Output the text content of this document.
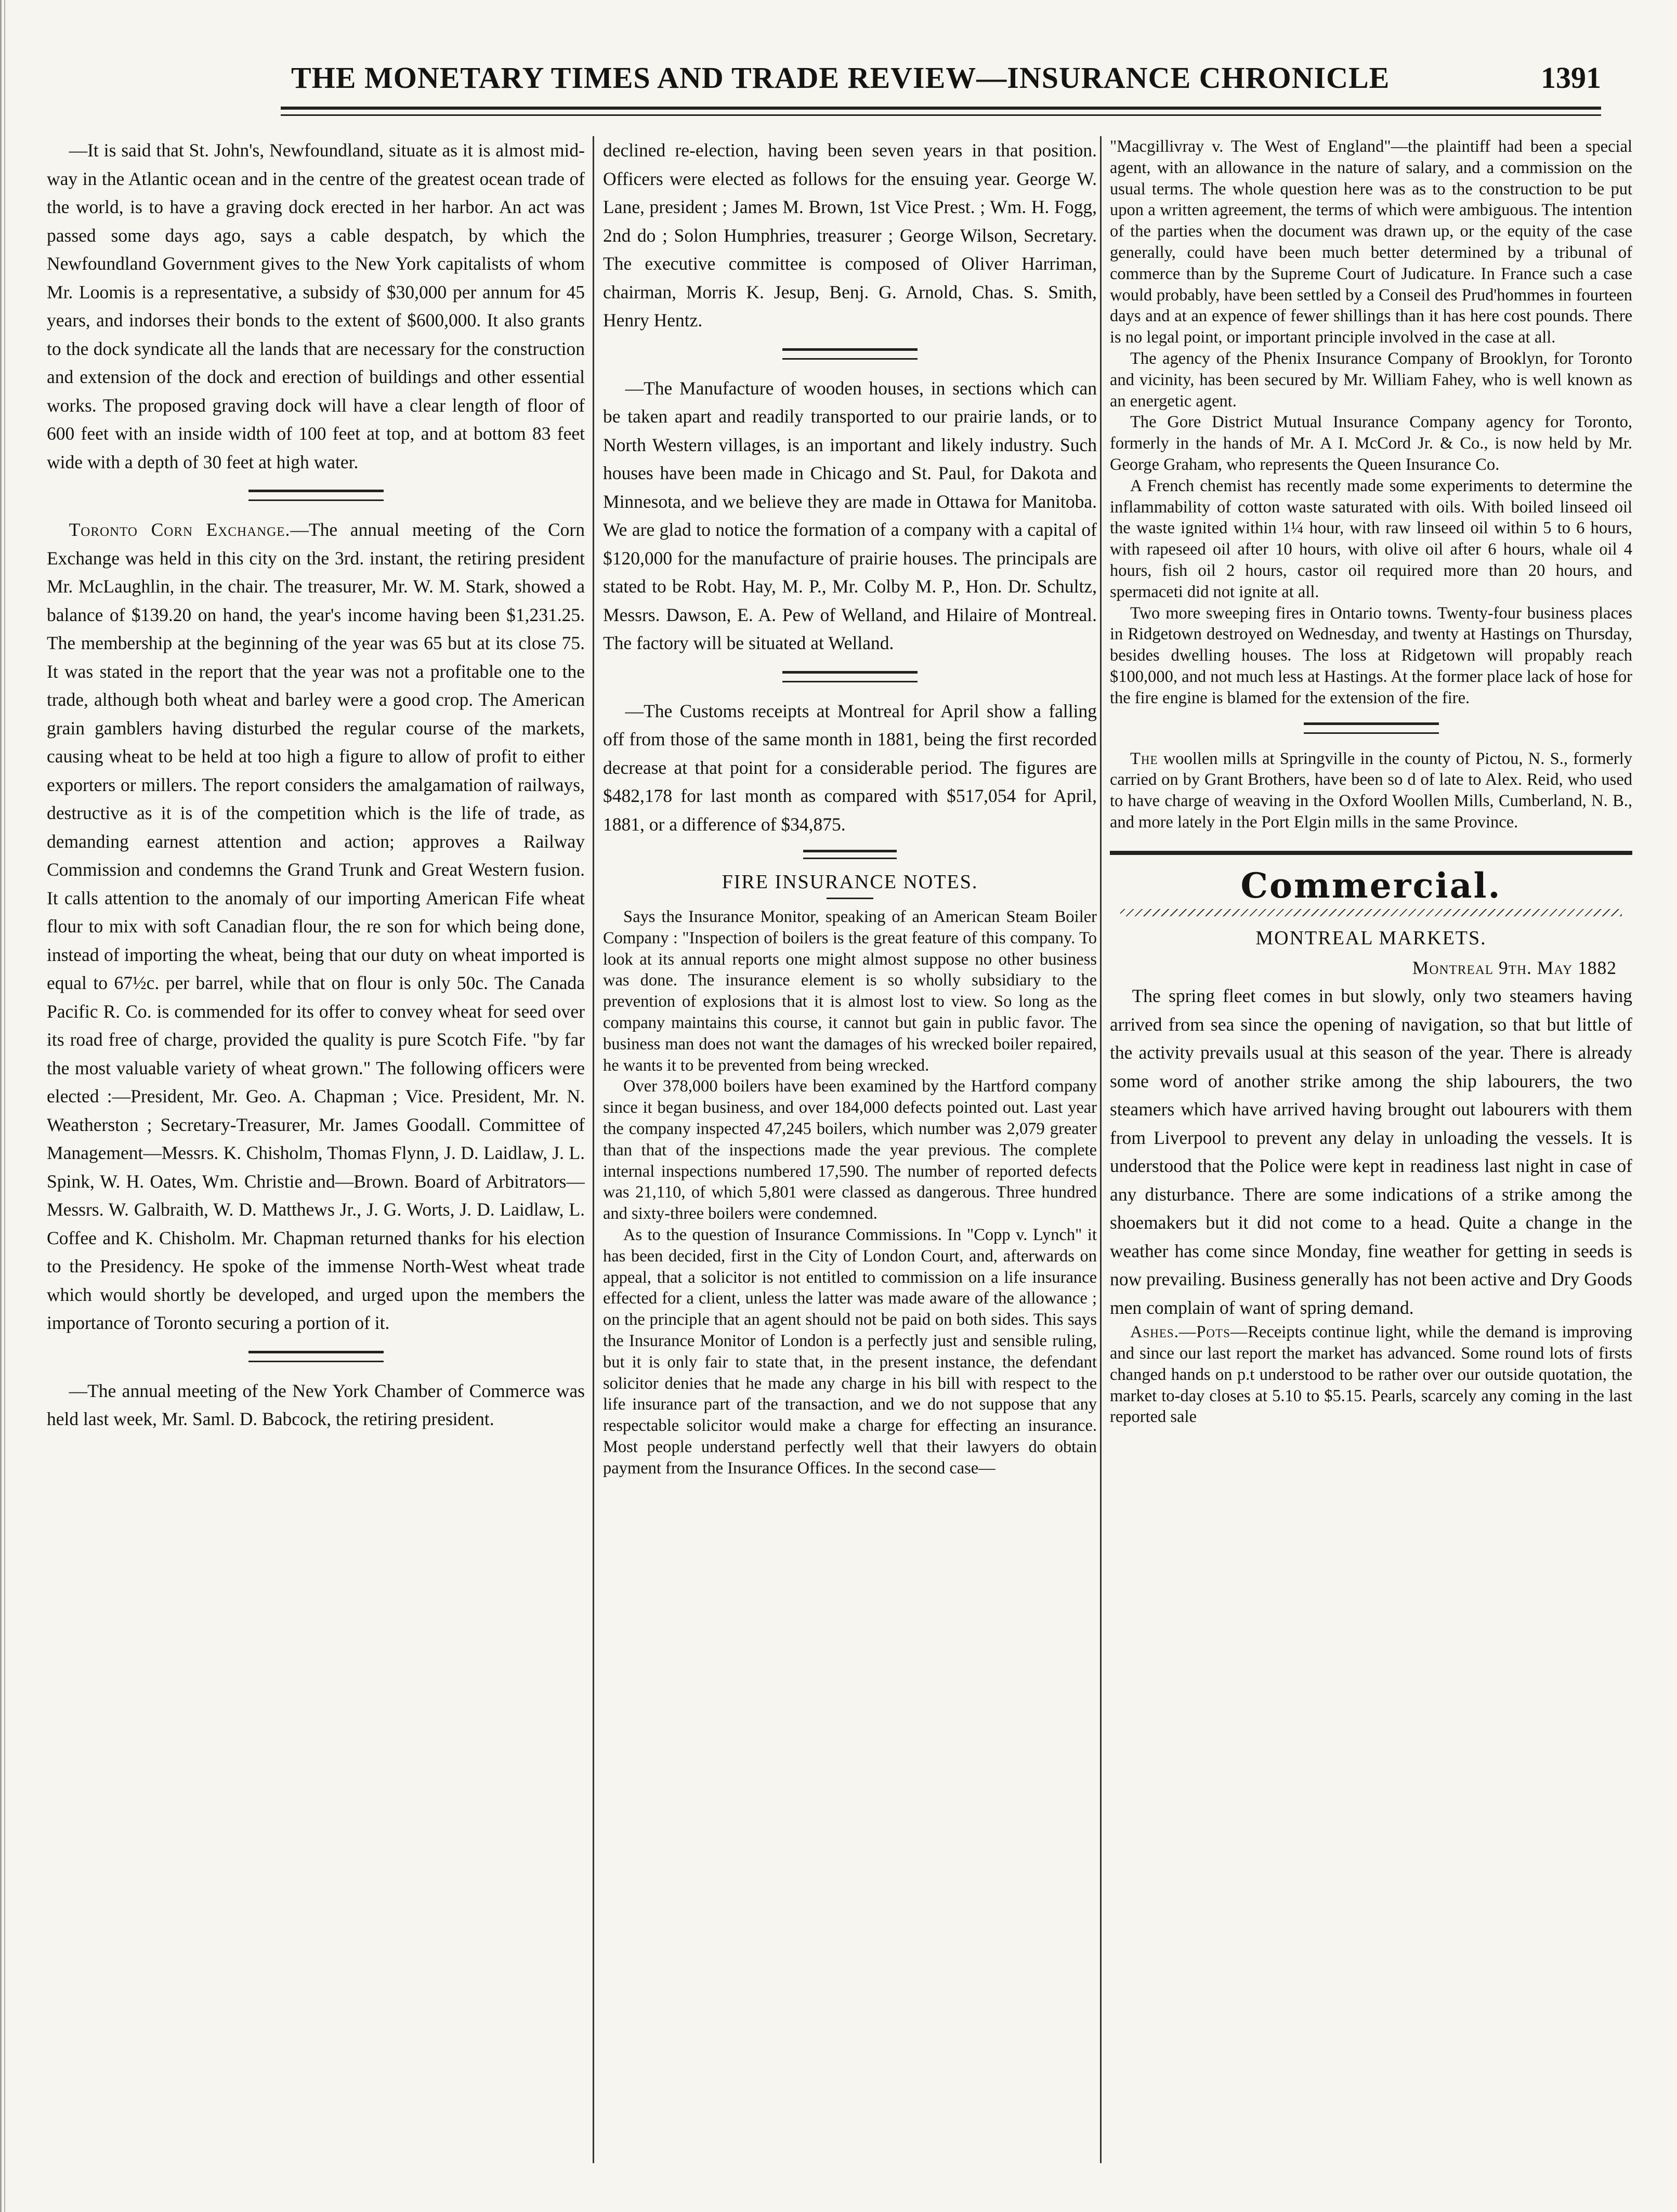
THE MONETARY TIMES AND TRADE REVIEW—INSURANCE CHRONICLE	1391

—It is said that St. John's, Newfoundland, situate as it is almost mid-way in the Atlantic ocean and in the centre of the greatest ocean trade of the world, is to have a graving dock erected in her harbor. An act was passed some days ago, says a cable despatch, by which the Newfoundland Government gives to the New York capitalists of whom Mr. Loomis is a representative, a subsidy of $30,000 per annum for 45 years, and indorses their bonds to the extent of $600,000. It also grants to the dock syndicate all the lands that are necessary for the construction and extension of the dock and erection of buildings and other essential works. The proposed graving dock will have a clear length of floor of 600 feet with an inside width of 100 feet at top, and at bottom 83 feet wide with a depth of 30 feet at high water.

Toronto Corn Exchange.—The annual meeting of the Corn Exchange was held in this city on the 3rd. instant, the retiring president Mr. McLaughlin, in the chair. The treasurer, Mr. W. M. Stark, showed a balance of $139.20 on hand, the year's income having been $1,231.25. The membership at the beginning of the year was 65 but at its close 75. It was stated in the report that the year was not a profitable one to the trade, although both wheat and barley were a good crop. The American grain gamblers having disturbed the regular course of the markets, causing wheat to be held at too high a figure to allow of profit to either exporters or millers. The report considers the amalgamation of railways, destructive as it is of the competition which is the life of trade, as demanding earnest attention and action; approves a Railway Commission and condemns the Grand Trunk and Great Western fusion. It calls attention to the anomaly of our importing American Fife wheat flour to mix with soft Canadian flour, the re son for which being done, instead of importing the wheat, being that our duty on wheat imported is equal to 67½c. per barrel, while that on flour is only 50c. The Canada Pacific R. Co. is commended for its offer to convey wheat for seed over its road free of charge, provided the quality is pure Scotch Fife. "by far the most valuable variety of wheat grown." The following officers were elected :—President, Mr. Geo. A. Chapman ; Vice. President, Mr. N. Weatherston ; Secretary-Treasurer, Mr. James Goodall. Committee of Management—Messrs. K. Chisholm, Thomas Flynn, J. D. Laidlaw, J. L. Spink, W. H. Oates, Wm. Christie and—Brown. Board of Arbitrators—Messrs. W. Galbraith, W. D. Matthews Jr., J. G. Worts, J. D. Laidlaw, L. Coffee and K. Chisholm. Mr. Chapman returned thanks for his election to the Presidency. He spoke of the immense North-West wheat trade which would shortly be developed, and urged upon the members the importance of Toronto securing a portion of it.

—The annual meeting of the New York Chamber of Commerce was held last week, Mr. Saml. D. Babcock, the retiring president.

declined re-election, having been seven years in that position. Officers were elected as follows for the ensuing year. George W. Lane, president ; James M. Brown, 1st Vice Prest. ; Wm. H. Fogg, 2nd do ; Solon Humphries, treasurer ; George Wilson, Secretary. The executive committee is composed of Oliver Harriman, chairman, Morris K. Jesup, Benj. G. Arnold, Chas. S. Smith, Henry Hentz.

—The Manufacture of wooden houses, in sections which can be taken apart and readily transported to our prairie lands, or to North Western villages, is an important and likely industry. Such houses have been made in Chicago and St. Paul, for Dakota and Minnesota, and we believe they are made in Ottawa for Manitoba. We are glad to notice the formation of a company with a capital of $120,000 for the manufacture of prairie houses. The principals are stated to be Robt. Hay, M. P., Mr. Colby M. P., Hon. Dr. Schultz, Messrs. Dawson, E. A. Pew of Welland, and Hilaire of Montreal. The factory will be situated at Welland.

—The Customs receipts at Montreal for April show a falling off from those of the same month in 1881, being the first recorded decrease at that point for a considerable period. The figures are $482,178 for last month as compared with $517,054 for April, 1881, or a difference of $34,875.

FIRE INSURANCE NOTES.

Says the Insurance Monitor, speaking of an American Steam Boiler Company : "Inspection of boilers is the great feature of this company. To look at its annual reports one might almost suppose no other business was done. The insurance element is so wholly subsidiary to the prevention of explosions that it is almost lost to view. So long as the company maintains this course, it cannot but gain in public favor. The business man does not want the damages of his wrecked boiler repaired, he wants it to be prevented from being wrecked.

Over 378,000 boilers have been examined by the Hartford company since it began business, and over 184,000 defects pointed out. Last year the company inspected 47,245 boilers, which number was 2,079 greater than that of the inspections made the year previous. The complete internal inspections numbered 17,590. The number of reported defects was 21,110, of which 5,801 were classed as dangerous. Three hundred and sixty-three boilers were condemned.

As to the question of Insurance Commissions. In "Copp v. Lynch" it has been decided, first in the City of London Court, and, afterwards on appeal, that a solicitor is not entitled to commission on a life insurance effected for a client, unless the latter was made aware of the allowance ; on the principle that an agent should not be paid on both sides. This says the Insurance Monitor of London is a perfectly just and sensible ruling, but it is only fair to state that, in the present instance, the defendant solicitor denies that he made any charge in his bill with respect to the life insurance part of the transaction, and we do not suppose that any respectable solicitor would make a charge for effecting an insurance. Most people understand perfectly well that their lawyers do obtain payment from the Insurance Offices. In the second case—

"Macgillivray v. The West of England"—the plaintiff had been a special agent, with an allowance in the nature of salary, and a commission on the usual terms. The whole question here was as to the construction to be put upon a written agreement, the terms of which were ambiguous. The intention of the parties when the document was drawn up, or the equity of the case generally, could have been much better determined by a tribunal of commerce than by the Supreme Court of Judicature. In France such a case would probably, have been settled by a Conseil des Prud'hommes in fourteen days and at an expence of fewer shillings than it has here cost pounds. There is no legal point, or important principle involved in the case at all.

The agency of the Phenix Insurance Company of Brooklyn, for Toronto and vicinity, has been secured by Mr. William Fahey, who is well known as an energetic agent.

The Gore District Mutual Insurance Company agency for Toronto, formerly in the hands of Mr. A I. McCord Jr. & Co., is now held by Mr. George Graham, who represents the Queen Insurance Co.

A French chemist has recently made some experiments to determine the inflammability of cotton waste saturated with oils. With boiled linseed oil the waste ignited within 1¼ hour, with raw linseed oil within 5 to 6 hours, with rapeseed oil after 10 hours, with olive oil after 6 hours, whale oil 4 hours, fish oil 2 hours, castor oil required more than 20 hours, and spermaceti did not ignite at all.

Two more sweeping fires in Ontario towns. Twenty-four business places in Ridgetown destroyed on Wednesday, and twenty at Hastings on Thursday, besides dwelling houses. The loss at Ridgetown will propably reach $100,000, and not much less at Hastings. At the former place lack of hose for the fire engine is blamed for the extension of the fire.

The woollen mills at Springville in the county of Pictou, N. S., formerly carried on by Grant Brothers, have been so d of late to Alex. Reid, who used to have charge of weaving in the Oxford Woollen Mills, Cumberland, N. B., and more lately in the Port Elgin mills in the same Province.

Commercial.
MONTREAL MARKETS.

Montreal 9th. May 1882

The spring fleet comes in but slowly, only two steamers having arrived from sea since the opening of navigation, so that but little of the activity prevails usual at this season of the year. There is already some word of another strike among the ship labourers, the two steamers which have arrived having brought out labourers with them from Liverpool to prevent any delay in unloading the vessels. It is understood that the Police were kept in readiness last night in case of any disturbance. There are some indications of a strike among the shoemakers but it did not come to a head. Quite a change in the weather has come since Monday, fine weather for getting in seeds is now prevailing. Business generally has not been active and Dry Goods men complain of want of spring demand.

Ashes.—Pots—Receipts continue light, while the demand is improving and since our last report the market has advanced. Some round lots of firsts changed hands on p.t understood to be rather over our outside quotation, the market to-day closes at 5.10 to $5.15. Pearls, scarcely any coming in the last reported sale
